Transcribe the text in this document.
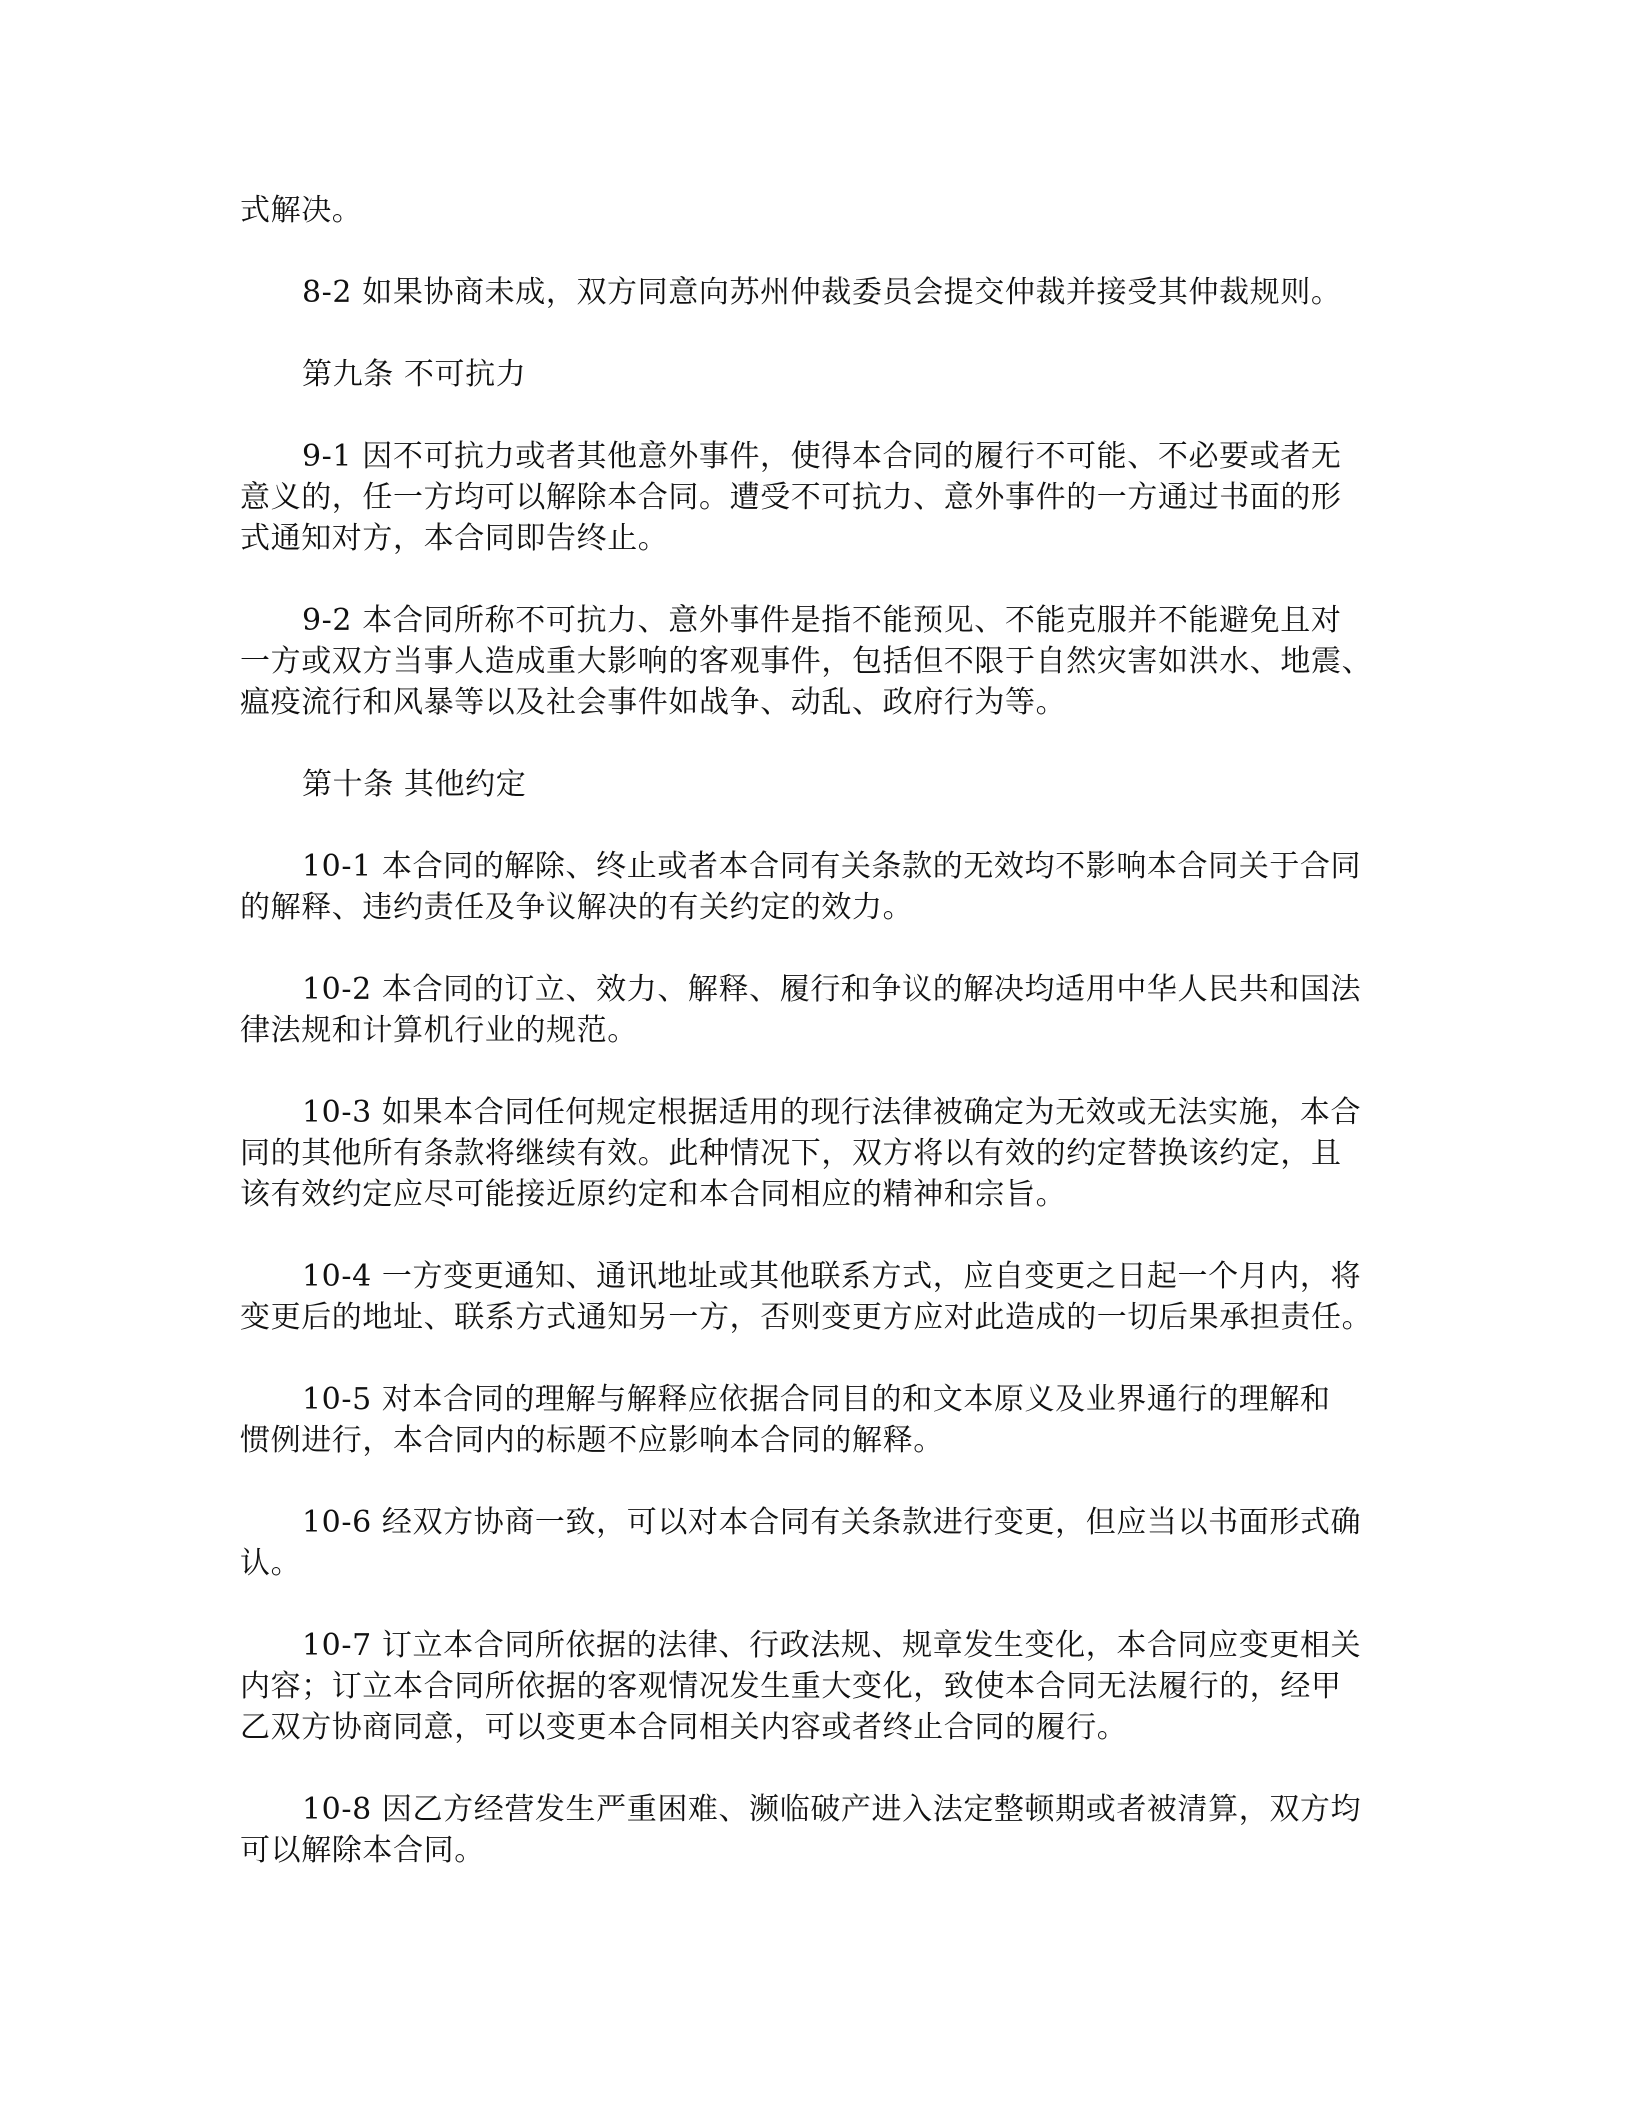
式解决。
8-2 如果协商未成，双方同意向苏州仲裁委员会提交仲裁并接受其仲裁规则。
第九条 不可抗力
9-1 因不可抗力或者其他意外事件，使得本合同的履行不可能、不必要或者无
意义的，任一方均可以解除本合同。遭受不可抗力、意外事件的一方通过书面的形
式通知对方，本合同即告终止。
9-2 本合同所称不可抗力、意外事件是指不能预见、不能克服并不能避免且对
一方或双方当事人造成重大影响的客观事件，包括但不限于自然灾害如洪水、地震、
瘟疫流行和风暴等以及社会事件如战争、动乱、政府行为等。
第十条 其他约定
10-1 本合同的解除、终止或者本合同有关条款的无效均不影响本合同关于合同
的解释、违约责任及争议解决的有关约定的效力。
10-2 本合同的订立、效力、解释、履行和争议的解决均适用中华人民共和国法
律法规和计算机行业的规范。
10-3 如果本合同任何规定根据适用的现行法律被确定为无效或无法实施，本合
同的其他所有条款将继续有效。此种情况下，双方将以有效的约定替换该约定，且
该有效约定应尽可能接近原约定和本合同相应的精神和宗旨。
10-4 一方变更通知、通讯地址或其他联系方式，应自变更之日起一个月内，将
变更后的地址、联系方式通知另一方，否则变更方应对此造成的一切后果承担责任。
10-5 对本合同的理解与解释应依据合同目的和文本原义及业界通行的理解和
惯例进行，本合同内的标题不应影响本合同的解释。
10-6 经双方协商一致，可以对本合同有关条款进行变更，但应当以书面形式确
认。
10-7 订立本合同所依据的法律、行政法规、规章发生变化，本合同应变更相关
内容；订立本合同所依据的客观情况发生重大变化，致使本合同无法履行的，经甲
乙双方协商同意，可以变更本合同相关内容或者终止合同的履行。
10-8 因乙方经营发生严重困难、濒临破产进入法定整顿期或者被清算，双方均
可以解除本合同。
